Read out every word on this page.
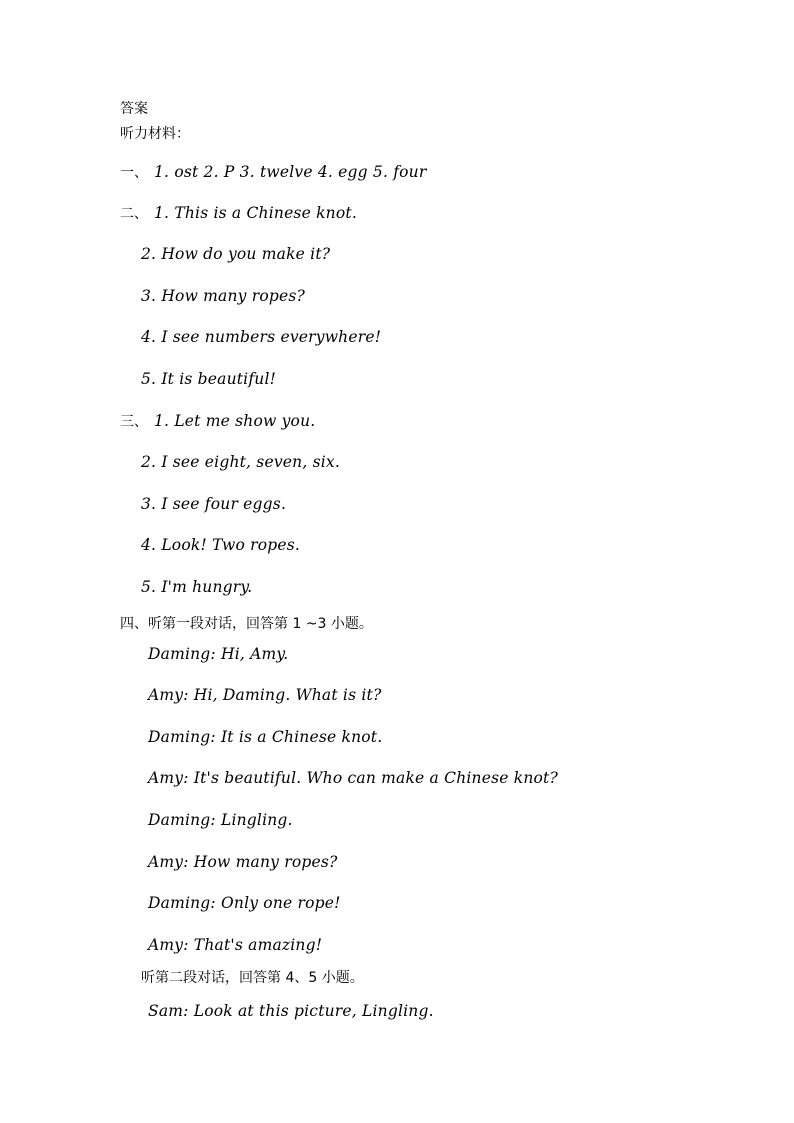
答案
听力材料：
一、 1. ost 2. P 3. twelve 4. egg 5. four
二、 1. This is a Chinese knot.
2. How do you make it?
3. How many ropes?
4. I see numbers everywhere!
5. It is beautiful!
三、 1. Let me show you.
2. I see eight, seven, six.
3. I see four eggs.
4. Look! Two ropes.
5. I'm hungry.
四、听第一段对话，回答第 1 ~3 小题。
Daming: Hi, Amy.
Amy: Hi, Daming. What is it?
Daming: It is a Chinese knot.
Amy: It's beautiful. Who can make a Chinese knot?
Daming: Lingling.
Amy: How many ropes?
Daming: Only one rope!
Amy: That's amazing!
听第二段对话，回答第 4、5 小题。
Sam: Look at this picture, Lingling.
